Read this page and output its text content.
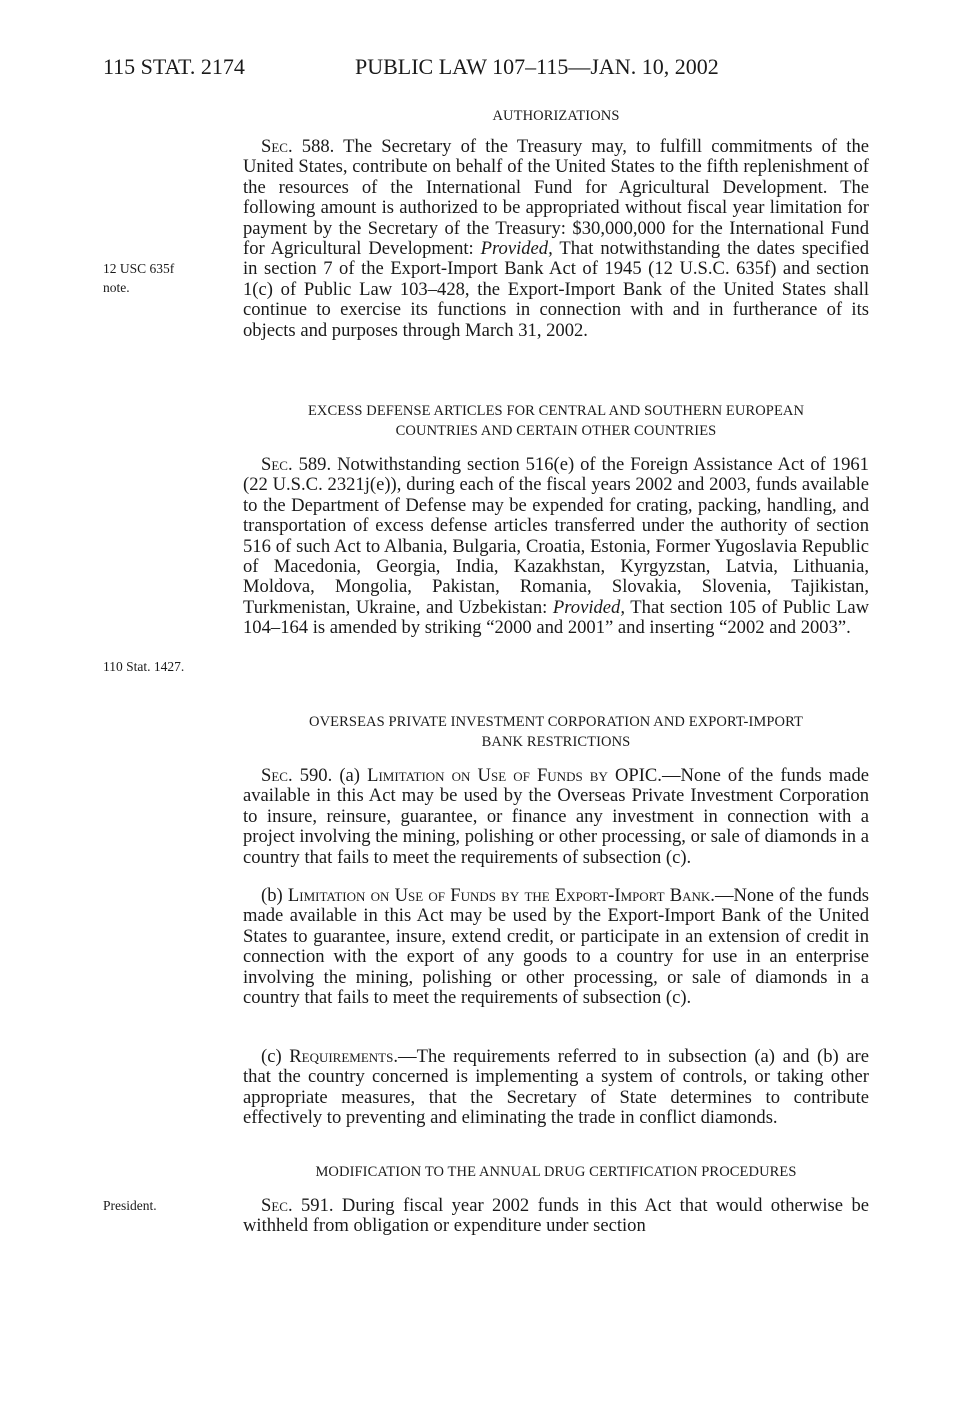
115 STAT. 2174	PUBLIC LAW 107–115—JAN. 10, 2002
12 USC 635f
note.
110 Stat. 1427.
President.
AUTHORIZATIONS

Sec. 588. The Secretary of the Treasury may, to fulfill commitments of the United States, contribute on behalf of the United States to the fifth replenishment of the resources of the International Fund for Agricultural Development. The following amount is authorized to be appropriated without fiscal year limitation for payment by the Secretary of the Treasury: $30,000,000 for the International Fund for Agricultural Development: Provided, That notwithstanding the dates specified in section 7 of the Export-Import Bank Act of 1945 (12 U.S.C. 635f) and section 1(c) of Public Law 103–428, the Export-Import Bank of the United States shall continue to exercise its functions in connection with and in furtherance of its objects and purposes through March 31, 2002.

EXCESS DEFENSE ARTICLES FOR CENTRAL AND SOUTHERN EUROPEAN
COUNTRIES AND CERTAIN OTHER COUNTRIES

Sec. 589. Notwithstanding section 516(e) of the Foreign Assistance Act of 1961 (22 U.S.C. 2321j(e)), during each of the fiscal years 2002 and 2003, funds available to the Department of Defense may be expended for crating, packing, handling, and transportation of excess defense articles transferred under the authority of section 516 of such Act to Albania, Bulgaria, Croatia, Estonia, Former Yugoslavia Republic of Macedonia, Georgia, India, Kazakhstan, Kyrgyzstan, Latvia, Lithuania, Moldova, Mongolia, Pakistan, Romania, Slovakia, Slovenia, Tajikistan, Turkmenistan, Ukraine, and Uzbekistan: Provided, That section 105 of Public Law 104–164 is amended by striking “2000 and 2001” and inserting “2002 and 2003”.

OVERSEAS PRIVATE INVESTMENT CORPORATION AND EXPORT-IMPORT
BANK RESTRICTIONS

Sec. 590. (a) Limitation on Use of Funds by OPIC.—None of the funds made available in this Act may be used by the Overseas Private Investment Corporation to insure, reinsure, guarantee, or finance any investment in connection with a project involving the mining, polishing or other processing, or sale of diamonds in a country that fails to meet the requirements of subsection (c).

(b) Limitation on Use of Funds by the Export-Import Bank.—None of the funds made available in this Act may be used by the Export-Import Bank of the United States to guarantee, insure, extend credit, or participate in an extension of credit in connection with the export of any goods to a country for use in an enterprise involving the mining, polishing or other processing, or sale of diamonds in a country that fails to meet the requirements of subsection (c).

(c) Requirements.—The requirements referred to in subsection (a) and (b) are that the country concerned is implementing a system of controls, or taking other appropriate measures, that the Secretary of State determines to contribute effectively to preventing and eliminating the trade in conflict diamonds.

MODIFICATION TO THE ANNUAL DRUG CERTIFICATION PROCEDURES

Sec. 591. During fiscal year 2002 funds in this Act that would otherwise be withheld from obligation or expenditure under section
